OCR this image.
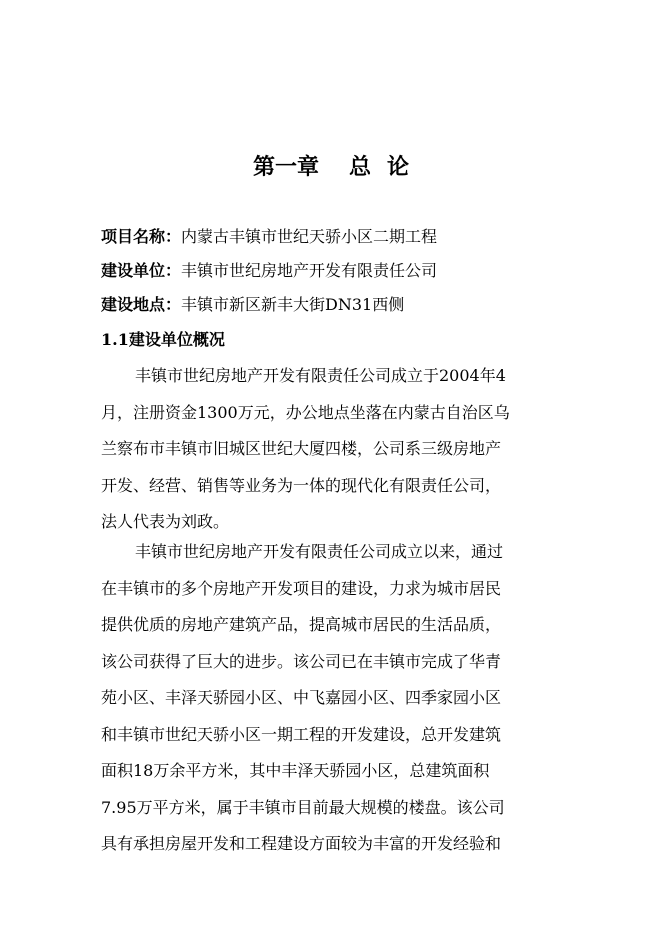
第一章 总 论
项目名称：内蒙古丰镇市世纪天骄小区二期工程
建设单位：丰镇市世纪房地产开发有限责任公司
建设地点：丰镇市新区新丰大街DN31西侧
1.1建设单位概况
丰镇市世纪房地产开发有限责任公司成立于2004年4
月，注册资金1300万元，办公地点坐落在内蒙古自治区乌
兰察布市丰镇市旧城区世纪大厦四楼，公司系三级房地产
开发、经营、销售等业务为一体的现代化有限责任公司，
法人代表为刘政。
丰镇市世纪房地产开发有限责任公司成立以来，通过
在丰镇市的多个房地产开发项目的建设，力求为城市居民
提供优质的房地产建筑产品，提高城市居民的生活品质，
该公司获得了巨大的进步。该公司已在丰镇市完成了华青
苑小区、丰泽天骄园小区、中飞嘉园小区、四季家园小区
和丰镇市世纪天骄小区一期工程的开发建设，总开发建筑
面积18万余平方米，其中丰泽天骄园小区，总建筑面积
7.95万平方米，属于丰镇市目前最大规模的楼盘。该公司
具有承担房屋开发和工程建设方面较为丰富的开发经验和
